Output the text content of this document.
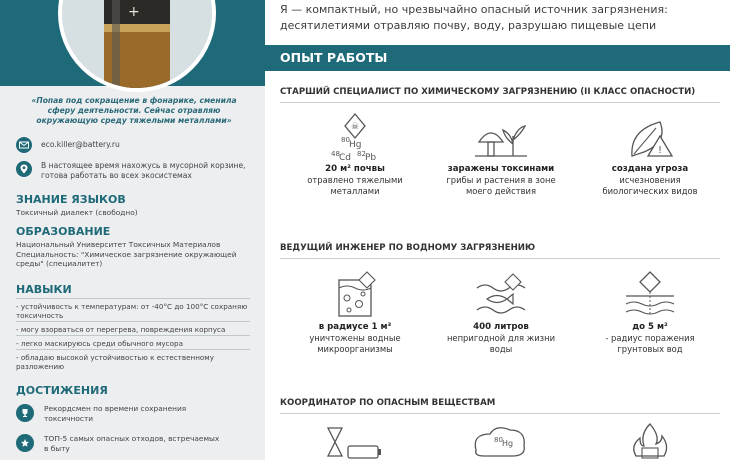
+
«Попав под сокращение в фонарике, сменила сферу деятельности. Сейчас отравляю окружающую среду тяжелыми металлами»
eco.killer@battery.ru
В настоящее время нахожусь в мусорной корзине, готова работать во всех экосистемах
ЗНАНИЕ ЯЗЫКОВ
Токсичный диалект (свободно)
ОБРАЗОВАНИЕ
Национальный Университет Токсичных Материалов Специальность: "Химическое загрязнение окружающей среды" (специалитет)
НАВЫКИ
- устойчивость к температурам: от -40°С до 100°С сохраняю токсичность
- могу взорваться от перегрева, повреждения корпуса
- легко маскируюсь среди обычного мусора
- обладаю высокой устойчивостью к естественному разложению
ДОСТИЖЕНИЯ
Рекордсмен по времени сохранения токсичности
ТОП-5 самых опасных отходов, встречаемых в быту
Я — компактный, но чрезвычайно опасный источник загрязнения: десятилетиями отравляю почву, воду, разрушаю пищевые цепи
ОПЫТ РАБОТЫ
СТАРШИЙ СПЕЦИАЛИСТ ПО ХИМИЧЕСКОМУ ЗАГРЯЗНЕНИЮ (II КЛАСС ОПАСНОСТИ)
☠
80 Hg
48 Cd 82 Pb
20 м² почвы
отравлено тяжелыми металлами
заражены токсинами
грибы и растения в зоне моего действия
!
создана угроза
исчезновения биологических видов
ВЕДУЩИЙ ИНЖЕНЕР ПО ВОДНОМУ ЗАГРЯЗНЕНИЮ
в радиусе 1 м³
уничтожены водные микроорганизмы
400 литров
непригодной для жизни воды
до 5 м²
- радиус поражения грунтовых вод
КООРДИНАТОР ПО ОПАСНЫМ ВЕЩЕСТВАМ
80 Hg
